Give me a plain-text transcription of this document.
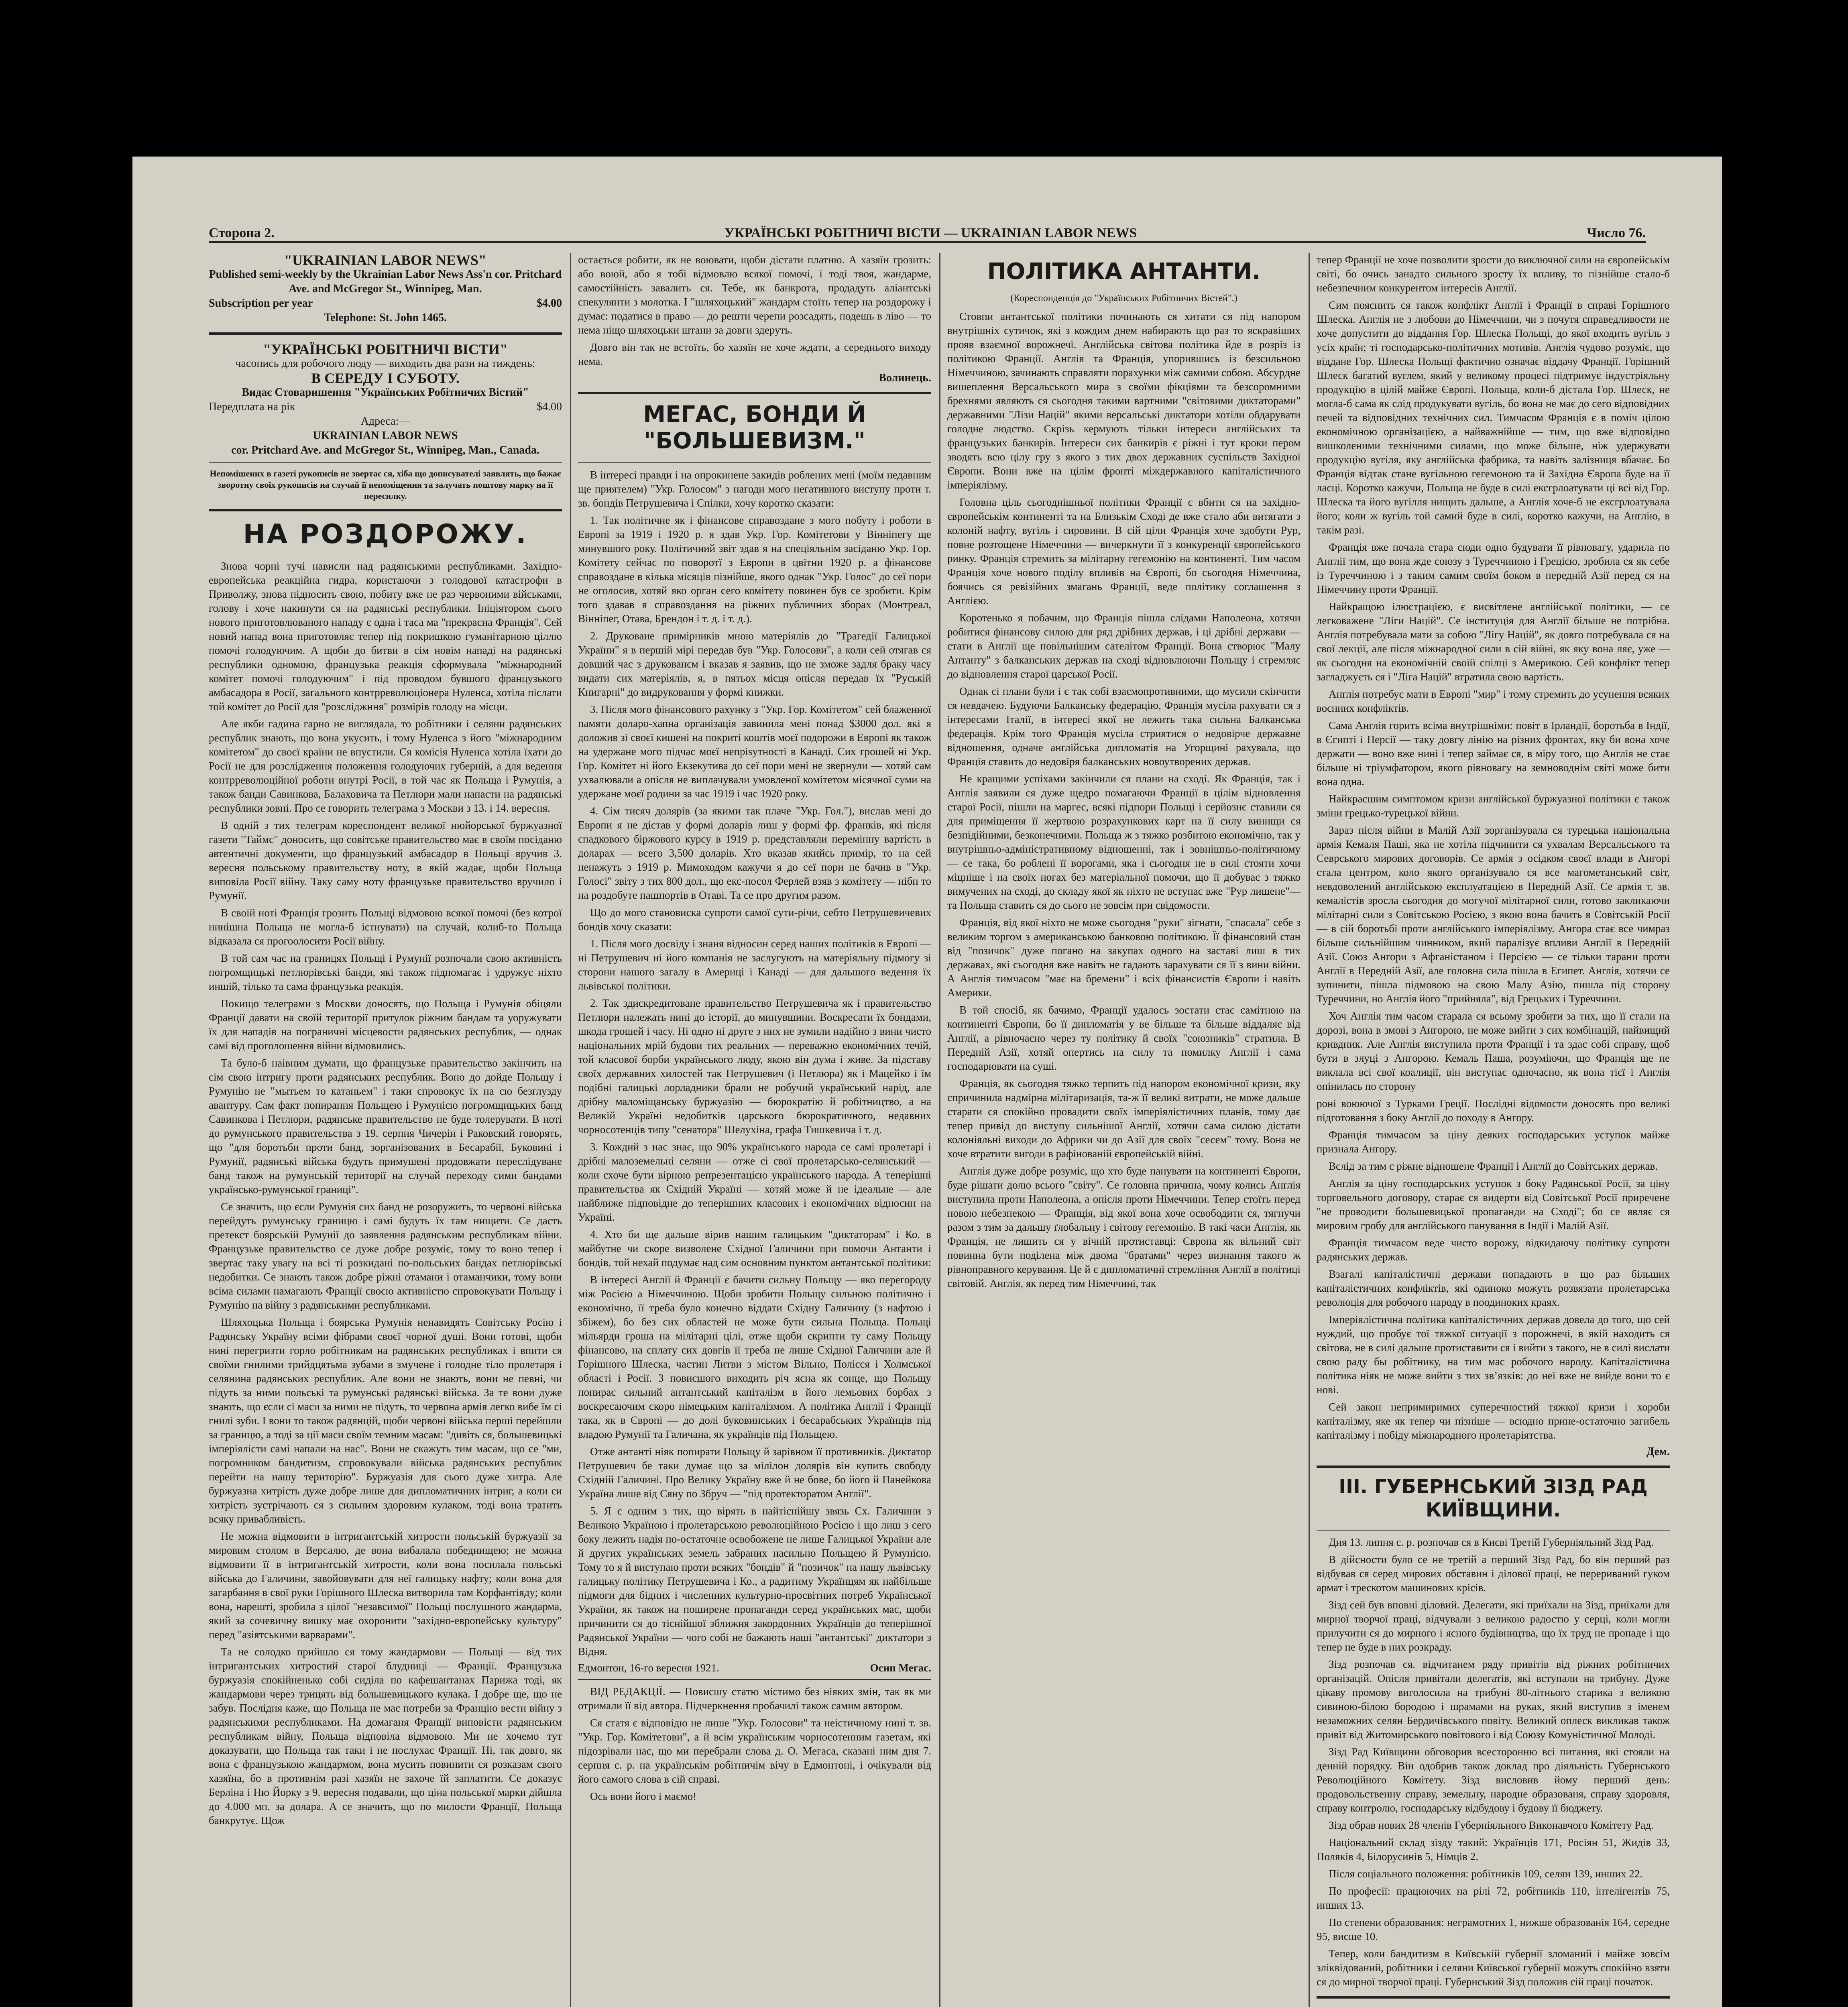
Сторона 2.	УКРАЇНСЬКІ РОБІТНИЧІ ВІСТИ — UKRAINIAN LABOR NEWS	Число 76.
"UKRAINIAN LABOR NEWS"
Published semi-weekly by the Ukrainian Labor News Ass'n cor. Pritchard Ave. and McGregor St., Winnipeg, Man.
Subscription per year	$4.00
Telephone: St. John 1465.
"УКРАЇНСЬКІ РОБІТНИЧІ ВІСТИ"
часопись для робочого люду — виходить два рази на тиждень:
В СЕРЕДУ І СУБОТУ.
Видає Стоваришення "Українських Робітничих Вістий"
Передплата на рік	$4.00
Адреса:—
UKRAINIAN LABOR NEWS
cor. Pritchard Ave. and McGregor St., Winnipeg, Man., Canada.
Непомішених в газеті рукописів не звертає ся, хіба що дописувателі заявлять, що бажає зворотну своїх рукописів на случай її непоміщення та залучать поштову марку на її пересилку.
НА РОЗДОРОЖУ.

Знова чорні тучі нависли над радянськими республиками. Західно-европейська реакційна гидра, користаючи з голодової катастрофи в Приволжу, знова підносить свою, побиту вже не раз червоними військами, голову і хоче накинути ся на радянські республики. Ініціятором сього нового приготовлюваного нападу є одна і таса ма "прекрасна Франція". Сей новий напад вона приготовляє тепер під покришкою гуманітарною ціллю помочі голодуючим. А щоби до битви в сім новім нападі на радянські республики одномою, французька реакція сформувала "міжнародний комітет помочі голодуючим" і під проводом бувшого французького амбасадора в Росії, загального контрреволюціонера Нуленса, хотіла післати той комітет до Росії для "розсліджння" розмірів голоду на місци.

Але якби гадина гарно не виглядала, то робітники і селяни радянських республик знають, що вона укусить, і тому Нуленса з його "міжнародним комітетом" до своєї країни не впустили. Ся комісія Нуленса хотіла їхати до Росії не для розслідження положення голодуючих губерній, а для ведення контрреволюційної роботи внутрі Росії, в той час як Польща і Румунія, а також банди Савинкова, Балаховича та Петлюри мали напасти на радянські республики зовні. Про се говорить телеграма з Москви з 13. і 14. вересня.

В одній з тих телеграм кореспондент великої нюйорської буржуазної газети "Таймс" доносить, що совітське правительство має в своїм посіданю автентичні документи, що французький амбасадор в Польщі вручив 3. вересня польському правительству ноту, в якій жадає, щоби Польща виповіла Росії війну. Таку саму ноту французьке правительство вручило і Румунії.

В своїй ноті Франція грозить Польщі відмовою всякої помочі (без котрої нинішна Польща не могла-б істнувати) на случай, колиб-то Польща відказала ся прогоолосити Росії війну.

В той сам час на границях Польщі і Румунії розпочали свою активність погромщицькі петлюрівські банди, які також підпомагає і удружує ніхто иншій, тілько та сама французька реакція.

Покищо телеграми з Москви доносять, що Польща і Румунія обіцяли Франції давати на своїй території притулок ріжним бандам та уоружувати їх для нападів на пограничні місцевости радянських республик, — однак самі від проголошення війни відмовились.

Та було-б наівним думати, що французьке правительство закінчить на сім свою інтригу проти радянських республик. Воно до дойде Польщу і Румунію не "мытьем то катаньем" і таки спровокує їх на сю безглузду авантуру. Сам факт попирання Польщею і Румунією погромщицьких банд Савинкова і Петлюри, радянське правительство не буде толерувати. В ноті до румунського правительства з 19. серпня Чичерін і Раковский говорять, що "для боротьби проти банд, зорганізованих в Бесарабії, Буковині і Румунії, радянські війська будуть примушені продовжати переслідуване банд також на румунській території на случай переходу сими бандами українсько-румунської границі".

Се значить, що єсли Румунія сих банд не розоружить, то червоні війська перейдуть румунську границю і самі будуть їх там нищити. Се дасть претекст боярській Румунії до заявлення радянським республикам війни. Французьке правительство се дуже добре розуміє, тому то воно тепер і звертає таку увагу на всі ті розкидані по-польських бандах петлюрівські недобитки. Се знають також добре ріжні отамани і отаманчики, тому вони всіма силами намагають Франції своєю активністю спровокувати Польщу і Румунію на війну з радянськими республиками.

Шляхоцька Польща і боярська Румунія ненавидять Совітську Росію і Радянську Україну всіми фібрами своєї чорної душі. Вони готові, щоби нині перегризти горло робітникам на радянських республиках і впити ся своїми гнилими трийдцятьма зубами в змучене і голодне тіло пролетаря і селянина радянських республик. Але вони не знають, вони не певні, чи підуть за ними польські та румунські радянські війська. За те вони дуже знають, що єсли сі маси за ними не підуть, то червона армія легко вибе їм сі гнилі зуби. І вони то також радянцій, щоби червоні війська перші перейшли за границю, а тоді за ції маси своїм темним масам: "дивіть ся, большевицькі імперіялісти самі напали на нас". Вони не скажуть тим масам, що се "ми, погромником бандитизм, спровокували війська радянських республик перейти на нашу територію". Буржуазія для сього дуже хитра. Але буржуазна хитрість дуже добре лише для дипломатичних інтриг, а коли си хитрість зустрічають ся з сильним здоровим кулаком, тоді вона тратить всяку привабливість.

Не можна відмовити в інтригантській хитрости польській буржуазії за мировим столом в Версалю, де вона вибалала победнищею; не можна відмовити її в інтригантській хитрости, коли вона посилала польські війська до Галичини, завойовувати для неї галицьку нафту; коли вона для загарбання в свої руки Горішного Шлеска витворила там Корфантіяду; коли вона, нарешті, зробила з цілої "незавсимої" Польщі послушного жандарма, який за сочевичну вишку має охоронити "західно-европейську культуру" перед "азіятськими варварами".

Та не солодко прийшло ся тому жандармови — Польщі — від тих інтригантських хитростий старої блудниці — Франції. Французька буржуазія спокійненько собі сиділа по кафешантанах Парижа тоді, як жандармови через трицять від большевицького кулака. І добре ще, що не забув. Послідня каже, що Польща не має потреби за Францію вести війну з радянськими республиками. На домаганя Франції виповісти радянським республикам війну, Польща відповіла відмовою. Ми не хочемо тут доказувати, що Польща так таки і не послухає Франції. Ні, так довго, як вона є французькою жандармом, вона мусить повинити ся розказам свого хазяїна, бо в противнім разі хазяїн не захоче їй заплатити. Се доказує Берліна і Ню Йорку з 9. вересня подавали, що ціна польської марки дійшла до 4.000 мп. за долара. А се значить, що по милости Франції, Польща банкрутує. Щож

остається робити, як не воювати, щоби дістати платню. А хазяїн грозить: або воюй, або я тобі відмовлю всякої помочі, і тоді твоя, жандарме, самостійність завалить ся. Тебе, як банкрота, продадуть аліантські спекулянти з молотка. І "шляхоцький" жандарм стоїть тепер на роздорожу і думає: податися в право — до решти черепи розсадять, подешь в ліво — то нема ніщо шляхоцьки штани за довги здеруть.

Довго він так не встоїть, бо хазяїн не хоче ждати, а середнього виходу нема.

Волинець.
МЕГАС, БОНДИ Й "БОЛЬШЕВИЗМ."

В інтересі правди і на опрокинене закидів роблених мені (моїм недавним ще приятелем) "Укр. Голосом" з нагоди мого негативного виступу проти т. зв. бондів Петрушевича і Спілки, хочу коротко сказати:

1. Так політичне як і фінансове справоздане з мого побуту і роботи в Европі за 1919 і 1920 р. я здав Укр. Гор. Комітетови у Вінніпегу ще минувшого року. Політичний звіт здав я на спеціяльнім засіданю Укр. Гор. Комітету сейчас по поворотї з Европи в цвітни 1920 р. а фінансове справоздане в кілька місяців пізнійше, якого однак "Укр. Голос" до сеї пори не оголосив, хотяй яко орган сего комітету повинен був се зробити. Крім того здавав я справоздання на ріжних публичних зборах (Монтреал, Вінніпег, Отава, Брендон і т. д. і т. д.).

2. Друковане примірників мною матеріялів до "Трагедії Галицької України" я в першій мірі передав був "Укр. Голосови", а коли сей отягав ся довший час з друкованєм і вказав я заявив, що не зможе задля браку часу видати сих матеріялів, я, в пятьох місця опісля передав їх "Руській Книгарні" до видруковання у формі книжки.

3. Після мого фінансового рахунку з "Укр. Гор. Комітетом" сей блаженної памяти доларо-хапна організація завинила мені понад $3000 дол. які я доложив зі своєї кишені на покриті коштів моєї подорожи в Европі як також на удержане мого підчас моєї непрisутності в Канаді. Сих грошей ні Укр. Гор. Комітет ні його Екзекутива до сеї пори мені не звернули — хотяй сам ухвалювали а опісля не виплачували умовленої комітетом місячної суми на удержане моєї родини за час 1919 і час 1920 року.

4. Сім тисяч долярів (за якими так плаче "Укр. Гол."), вислав мені до Европи я не дістав у формі доларів лиш у формі фр. франків, які після спадкового біржового курсу в 1919 р. представляли перемінну вартість в доларах — всего 3,500 доларів. Хто вказав якийсь примір, то на сей ненажуть з 1919 р. Мимоходом кажучи я до сеї пори не бачив в "Укр. Голосі" звіту з тих 800 дол., що екс-посол Ферлей взяв з комітету — нібн то на роздобуте пашпортів в Отаві. Та се про другим разом.

Що до мого становиска супроти самої сути-річи, себто Петрушевичевих бондів хочу сказати:

1. Після мого досвіду і знаня відносин серед наших політиків в Европі — ні Петрушевич ні його компанія не заслугують на матеріяльну підмогу зі сторони нашого загалу в Америці і Канаді — для дальшого ведення їх львівської політики.

2. Так здискредитоване правительство Петрушевича як і правительство Петлюри належать нині до історії, до минувшини. Воскресати їх бондами, шкода грошей і часу. Ні одно ні друге з них не зумили надійно з вини чисто національних мрій будови тих реальних — переважно економічних течій, той класової борби українського люду, якою він дума і живе. За підставу своїх державних хилостей так Петрушевич (і Петлюра) як і Мацейко і їм подібні галицькі лорладники брали не робучий український нарід, але дрібну маломіщанську буржуазію — бюрократію й робітництво, а на Великій Україні недобитків царського бюрократичного, недавних чорносотенців типу "сенатора" Шелухіна, графа Тишкевича і т. д.

3. Кождий з нас знає, що 90% українського народа се самі пролетарі і дрібні малоземельні селяни — отже сі свої пролетарсько-селянський — коли схоче бути вірною репрезентацією українського народа. А теперішні правительства як Східній Україні — хотяй може й не ідеальне — але найближе підповідне до теперішних класових і економічних відносин на Україні.

4. Хто би ще дальше вірив нашим галицьким "диктаторам" і Ко. в майбутне чи скоре визволене Східної Галичини при помочи Антанти і бондів, той нехай подумає над сим основним пунктом антантської політики:

В інтересі Англії й Франції є бачити сильну Польщу — яко перегороду між Росією а Німеччиною. Щоби зробити Польщу сильною політично і економічно, її треба було конечно віддати Східну Галичину (з нафтою і збіжем), бо без сих областей не може бути сильна Польща. Польщі мільярди гроша на мілітарні цілі, отже щоби скрипти ту саму Польщу фінансово, на сплату сих довгів її треба не лише Східної Галичини але й Горішного Шлеска, частин Литви з містом Вільно, Полісся і Холмської області і Росії. З повисшого виходить річ ясна як сонце, що Польщу попирає сильний антантський капіталізм в його лемьових борбах з воскресаючим скоро німецьким капіталізмом. А політика Англії і Франції така, як в Європі — до долі буковинських і бесарабських Українців під владою Румунії та Галичана, як українців під Польщею.

Отже антанті ніяк попирати Польщу й зарівном її противників. Диктатор Петрушевич бе таки думає що за мілілон долярів він купить свободу Східній Галичині. Про Велику Україну вже й не бове, бо його й Панейкова Україна лише від Сяну по Збруч — "під протекторатом Англії".

5. Я є одним з тих, що вірять в найтіснійшу звязь Сх. Галичини з Великою Україною і пролетарською революційною Росією і що лиш з сего боку лежить надія по-остаточне освобожене не лише Галицької України але й других українських земель забраних насильно Польщею й Румунією. Тому то я й виступаю проти всяких "бондів" й "позичок" на нашу львівську галицьку політику Петрушевича і Ко., а радитиму Українцям як найбільше підмоги для бідних і численних культурно-просвітних потреб Української України, як також на поширене пропаганди серед українських мас, щоби причинити ся до тіснійшої зближня закордонних Українців до теперішної Радянської України — чого собі не бажають наші "антантські" диктатори з Відня.

Едмонтон, 16-го вересня 1921.	Осип Мегас.

ВІД РЕДАКЦІЇ. — Повисшу статю містимо без ніяких змін, так як ми отримали її від автора. Підчеркнення пробачилі також самим автором.

Ся статя є відповідю не лише "Укр. Голосови" та неістичному нині т. зв. "Укр. Гор. Комітетови", а й всім українським чорносотенним газетам, які підозрівали нас, що ми перебрали слова д. О. Мегаса, сказані ним дня 7. серпня с. р. на українськім робітничім вічу в Едмонтоні, і очікували від його самого слова в сій справі.

Ось вони його і маємо!

ПОЛІТИКА АНТАНТИ.
(Кореспонденція до "Українських Робітничих Вістей".)

Стовпи антантської політики починають ся хитати ся під напором внутрішніх сутичок, які з кождим днем набирають що раз то яскравіших прояв взаємної ворожнечі. Англійська світова політика йде в розріз із політикою Франції. Англія та Франція, упорившись із безсильною Німеччиною, зачинають справляти порахунки між самими собою. Абсурдне вишеплення Версальського мира з своїми фікціями та безсоромними брехнями являють ся сьогодня такими вартними "світовими диктаторами" державними "Лізи Націй" якими версальські диктатори хотіли обдарувати голодне людство. Скрізь кермують тільки інтереси англійських та французьких банкирів. Інтереси сих банкирів є ріжні і тут кроки пером зводять всю цілу гру з якого з тих двох державних суспільств Західної Європи. Вони вже на цілім фронті міждержавного капіталістичного імперіялізму.

Головна ціль сьогоднішньої політики Франції є вбити ся на західно-європейськім континенті та на Близькім Сході де вже стало аби витягати з колоній нафту, вугіль і сировини. В сій ціли Франція хоче здобути Рур, повне розтощене Німеччини — вичеркнути її з конкуренції європейського ринку. Франція стремить за мілітарну гегемонію на континенті. Тим часом Франція хоче нового поділу впливів на Європі, бо сьогодня Німеччина, боячись ся ревізійних змагань Франції, веде політику соглашення з Англією.

Коротенько я побачим, що Франція пішла слідами Наполеона, хотячи робитися фінансову силою для ряд дрібних держав, і ці дрібні держави — стати в Англії ще повільнішим сателітом Франції. Вона створює "Малу Антанту" з балканських держав на сході відновлюючи Польщу і стремляє до відновлення старої царської Росії.

Однак сі плани були і є так собі взаємопротивними, що мусили скінчити ся невдачею. Будуючи Балканську федерацію, Франція мусіла рахувати ся з інтересами Італії, в інтересі якої не лежить така сильна Балканська федерація. Крім того Франція мусіла стриятися о недовірче державне відношення, одначе англійська дипломатія на Угорщині рахувала, що Франція ставить до недовіря балканських новоутворених держав.

Не кращими успіхами закінчили ся плани на сході. Як Франція, так і Англія заявили ся дуже щедро помагаючи Франції в цілім відновлення старої Росії, пішли на маргес, всякі підпори Польщі і серйознє ставили ся для приміщення її жертвою розрахункових карт на її силу винищи ся безпідійними, безконечними. Польща ж з тяжко розбитою економічно, так у внутрішньо-адміністративному відношенні, так і зовнішньо-політичному — се така, бо роблені її ворогами, яка і сьогодня не в силі стояти хочи міцніше і на своїх ногах без матеріальної помочи, що її добуває з тяжко вимучених на сході, до складу якої як ніхто не вступає вже "Рур лишене"— та Польща ставить ся до сього не зовсім при свідомости.

Франція, від якої ніхто не може сьогодня "руки" зігнати, "спасала" себе з великим торгом з американською банковою політикою. Її фінансовий стан від "позичок" дуже погано на закупах одного на заставі лиш в тих державах, які сьогодня вже навіть не гадають зарахувати ся її з вини війни. А Англія тимчасом "має на бремени" і всіх фінансистів Європи і навіть Америки.

В той спосіб, як бачимо, Франції удалось зостати стає самітною на континенті Європи, бо її дипломатія у ве більше та більше віддаляє від Англії, а рівночасно через ту політику й своїх "союзників" стратила. В Передній Азії, хотяй опертись на силу та помилку Англії і сама господарювати на суші.

Франція, як сьогодня тяжко терпить під напором економічної кризи, яку спричинила надмірна мілітаризація, та-ж її великі витрати, не може дальше старати ся спокійно провадити своїх імперіялістичних планів, тому дає тепер привід до виступу сильнішої Англії, хотячи сама силою дістати колоніяльні виходи до Африки чи до Азії для своїх "сесем" тому. Вона не хоче втратити вигоди в рафінованій європейській війні.

Англія дуже добре розуміє, що хто буде панувати на континенті Європи, буде рішати долю всього "світу". Се головна причина, чому колись Англія виступила проти Наполеона, а опісля проти Німеччини. Тепер стоїть перед новою небезпекою — Франція, від якої вона хоче освободити ся, тягнучи разом з тим за дальшу ґлобальну і світову гегемонію. В такі часи Англія, як Франція, не лишить ся у вічній протиставці: Європа як вільний світ повинна бути поділена між двома "братами" через визнання такого ж рівноправного керування. Це й є дипломатичні стремління Англії в політиці світовій. Англія, як перед тим Німеччині, так

тепер Франції не хоче позволити зрости до виключної сили на європейськім світі, бо очись занадто сильного зросту їх впливу, то пізнійше стало-б небезпечним конкурентом інтересів Англії.

Сим пояснить ся також конфлікт Англії і Франції в справі Горішного Шлеска. Англія не з любови до Німеччини, чи з почутя справедливости не хоче допустити до віддання Гор. Шлеска Польщі, до якої входить вугіль з усіх країн; ті господарсько-політичних мотивів. Англія чудово розуміє, що віддане Гор. Шлеска Польщі фактично означає віддачу Франції. Горішний Шлеск багатий вуглем, який у великому процесі підтримує індустріяльну продукцію в цілій майже Європі. Польща, коли-б дістала Гор. Шлеск, не могла-б сама як слід продукувати вугіль, бо вона не має до сего відповідних печей та відповідних технічних сил. Тимчасом Франція є в поміч цілою економічною організацією, а найважнійше — тим, що вже відповідно вишколеними технічними силами, що може більше, ніж удержувати продукцію вугіля, яку англійська фабрика, та навіть залізниця вбачає. Бо Франція відтак стане вугільною гегемоною та й Західна Європа буде на її ласці. Коротко кажучи, Польща не буде в силі ексгрлоатувати ці всі від Гор. Шлеска та його вугілля нищить дальше, а Англія хоче-б не ексгрлоатувала його; коли ж вугіль той самий буде в силі, коротко кажучи, на Англію, в такім разі.

Франція вже почала стара сюди одно будувати її рівновагу, ударила по Англії тим, що вона жде союзу з Туреччиною і Грецією, зробила ся як себе із Туреччиною і з таким самим своїм боком в передній Азії перед ся на Німеччину проти Франції.

Найкращою ілюстрацією, є висвітлене англійської політики, — се легковажене "Ліги Націй". Се інституція для Англії більше не потрібна. Англія потребувала мати за собою "Лігу Націй", як довго потребувала ся на свої лекції, але після міжнародної сили в сій війні, як яку вона ляє, уже — як сьогодня на економічній своїй спілці з Америкою. Сей конфлікт тепер загладжуєть ся і "Ліга Націй" втратила свою вартість.

Англія потребує мати в Европі "мир" і тому стремить до усунення всяких воєнних конфліктів.

Сама Англія горить всіма внутрішніми: повіт в Ірландії, боротьба в Індії, в Єгипті і Персії — таку довгу лінію на різних фронтах, яку би вона хоче держати — воно вже нині і тепер займає ся, в міру того, що Англія не стає більше ні тріумфатором, якого рівновагу на земноводнім світі може бити вона одна.

Найкрасшим симптомом кризи англійської буржуазної політики є також зміни грецько-турецької війни.

Зараз після війни в Малій Азії зорганізувала ся турецька національна армія Кемаля Паші, яка не хотіла підчинити ся ухвалам Версальського та Севрського мирових договорів. Се армія з осідком своєї влади в Ангорі стала центром, коло якого організувало ся все магометанський світ, невдоволений англійською експлуатацією в Передній Азії. Се армія т. зв. кемалістів зросла сьогодня до могучої мілітарної сили, готово закликаючи мілітарні сили з Совітською Росією, з якою вона бачить в Совітській Росії — в сій боротьбі проти англійського імперіялізму. Ангора стає все чимраз більше сильнійшим чинником, який паралізує впливи Англії в Передній Азії. Союз Ангори з Афганістаном і Персією — се тільки тарани проти Англії в Передній Азії, але головна сила пішла в Египет. Англія, хотячи се зупинити, пішла підмовою на свою Малу Азію, пишла під сторону Туреччини, но Англія його "прийняла", від Грецьких і Туреччини.

Хоч Англія тим часом старала ся всьому зробити за тих, що її стали на дорозі, вона в змові з Ангорою, не може вийти з сих комбінацій, найвищий кривдник. Але Англія виступила проти Франції і та здає собі справу, щоб бути в злуці з Ангорою. Кемаль Паша, розуміючи, що Франція ще не виклала всі свої коалиції, він виступає одночасно, як вона тієї і Англія опінилась по сторону

роні воюючої з Турками Греції. Послідні відомости доносять про великі підготовання з боку Англії до походу в Ангору.

Франція тимчасом за ціну деяких господарських уступок майже признала Ангору.

Вслід за тим є ріжне відношене Франції і Англії до Совітських держав.

Англія за ціну господарських уступок з боку Радянської Росії, за ціну торговельного договору, старає ся видерти від Совітської Росії приречене "не проводити большевицької пропаганди на Сході"; бо се являє ся мировим гробу для англійського панування в Індії і Малій Азії.

Франція тимчасом веде чисто ворожу, відкидаючу політику супроти радянських держав.

Взагалі капіталістичні держави попадають в що раз більших капіталістичних конфліктів, які одиноко можуть розвязати пролетарська революція для робочого народу в поодиноких краях.

Імперіялістична політика капіталістичних держав довела до того, що сей нуждий, що пробує тої тяжкої ситуації з порожнечі, в якій находить ся світова, не в силі дальше протиставити ся і вийти з такого, не в силі вислати свою раду бы робітнику, на тим мас робочого народу. Капіталістична політика ніяк не може вийти з тих зв’язків: до неї вже не вийде вони то є нові.

Сей закон непримиримих суперечностий тяжкої кризи і хороби капіталізму, яке як тепер чи пізніше — всюдно прине-остаточно загибель капіталізму і побіду міжнародного пролетаріятства.

Дем.
III. ГУБЕРНСЬКИЙ ЗІЗД РАД КИЇВЩИНИ.

Дня 13. липня с. р. розпочав ся в Києві Третій Губерніяльний Зізд Рад.

В дійсности було се не третій а перший Зізд Рад, бо він перший раз відбував ся серед мирових обставин і ділової праці, не перериваний гуком армат і трескотом машинових крісів.

Зізд сей був вповні діловий. Делегати, які приїхали на Зізд, приїхали для мирної творчої праці, відчували з великою радостю у серці, коли могли прилучити ся до мирного і ясного будівництва, що їх труд не пропаде і що тепер не буде в них розкраду.

Зізд розпочав ся. відчитанем ряду привітів від ріжних робітничих організацій. Опісля привітали делегатів, які вступали на трибуну. Дуже цікаву промову виголосила на трибуні 80-літнього старика з великою сивиною-білою бородою і шрамами на руках, який виступив з іменем незаможних селян Бердичівського повіту. Великий оплеск викликав також привіт від Житомирського повітового і від Союзу Комуністичної Молоді.

Зізд Рад Київщини обговорив всесторонню всі питання, які стояли на денній порядку. Він одобрив також доклад про діяльність Губернського Революційного Комітету. Зізд висловив йому перший день: продовольственну справу, земельну, народне образованя, справу здоровля, справу контролю, господарську відбудову і будову її бюджету.

Зізд обрав нових 28 членів Губерніяльного Виконавчого Комітету Рад.

Національний склад зізду такий: Українців 171, Росіян 51, Жидів 33, Поляків 4, Білорусинів 5, Німців 2.

Після соціального положення: робітників 109, селян 139, инших 22.

По професії: працюючих на рілі 72, робітників 110, інтелігентів 75, инших 13.

По степени образования: неграмотних 1, нижше образованія 164, середне 95, висше 10.

Тепер, коли бандитизм в Київській губернії зломаний і майже зовсім зліквідований, робітники і селяни Київської губернії можуть спокійно взяти ся до мирної творчої праці. Губернський Зізд положив сій праці початок.
